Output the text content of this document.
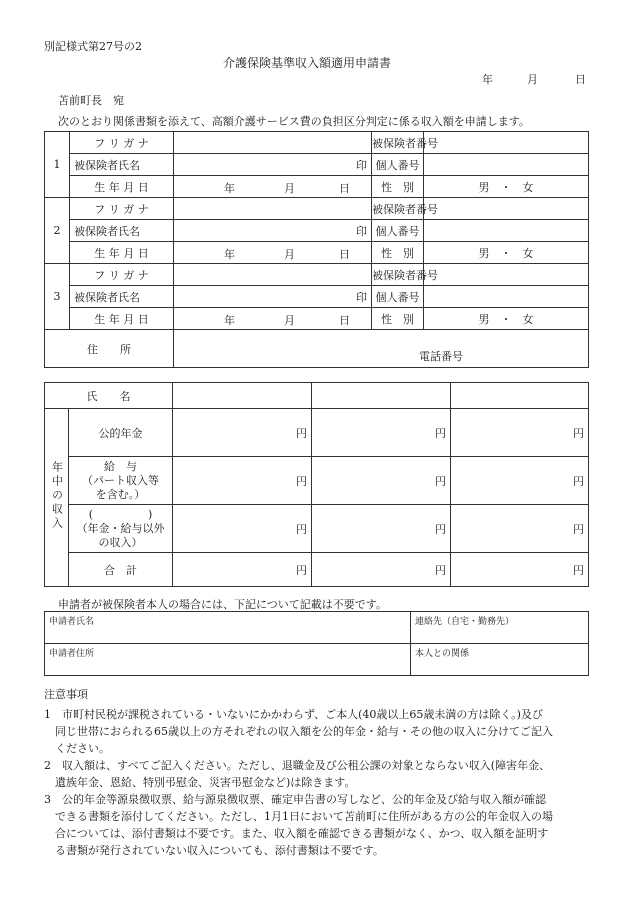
別記様式第27号の2
介護保険基準収入額適用申請書
年	月	日
苫前町長　宛
次のとおり関係書類を添えて、高額介護サービス費の負担区分判定に係る収入額を申請します。
1	フ リ ガ ナ		被保険者番号	

	被保険者氏名	印	個人番号	

	生 年 月 日	年 月 日	性　別	男　・　女
2	フ リ ガ ナ		被保険者番号	

	被保険者氏名	印	個人番号	

	生 年 月 日	年 月 日	性　別	男　・　女
3	フ リ ガ ナ		被保険者番号	

	被保険者氏名	印	個人番号	

	生 年 月 日	年 月 日	性　別	男　・　女
住　　所		電話番号		
氏　　名				
年中の収入	公的年金	円	円	円
	給　与
（パート収入等
を含む。）	円	円	円
	(　　　　　)
（年金・給与以外
の収入）	円	円	円
	合　計	円	円	円
申請者が被保険者本人の場合には、下記について記載は不要です。
申請者氏名	連絡先（自宅・勤務先）
申請者住所	本人との関係
注意事項
1　市町村民税が課税されている・いないにかかわらず、ご本人(40歳以上65歳未満の方は除く。)及び
　同じ世帯におられる65歳以上の方それぞれの収入額を公的年金・給与・その他の収入に分けてご記入
　ください。
2　収入額は、すべてご記入ください。ただし、退職金及び公租公課の対象とならない収入(障害年金、
　遺族年金、恩給、特別弔慰金、災害弔慰金など)は除きます。
3　公的年金等源泉徴収票、給与源泉徴収票、確定申告書の写しなど、公的年金及び給与収入額が確認
　できる書類を添付してください。ただし、1月1日において苫前町に住所がある方の公的年金収入の場
　合については、添付書類は不要です。また、収入額を確認できる書類がなく、かつ、収入額を証明す
　る書類が発行されていない収入についても、添付書類は不要です。
